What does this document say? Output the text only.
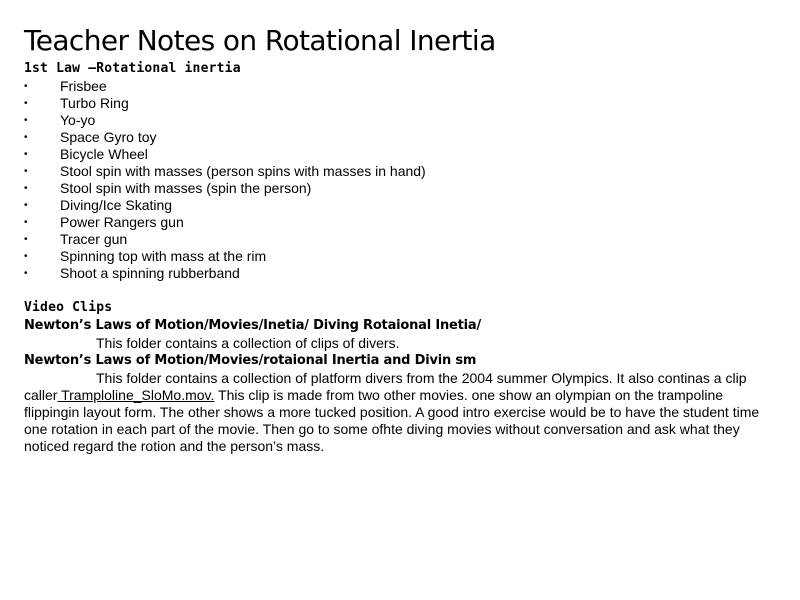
Teacher Notes on Rotational Inertia
1st Law –Rotational inertia
• Frisbee
• Turbo Ring
• Yo-yo
• Space Gyro toy
• Bicycle Wheel
• Stool spin with masses (person spins with masses in hand)
• Stool spin with masses (spin the person)
• Diving/Ice Skating
• Power Rangers gun
• Tracer gun
• Spinning top with mass at the rim
• Shoot a spinning rubberband
Video Clips
Newton’s Laws of Motion/Movies/Inetia/ Diving Rotaional Inetia/

This folder contains a collection of clips of divers.

Newton’s Laws of Motion/Movies/rotaional Inertia and Divin sm

This folder contains a collection of platform divers from the 2004 summer Olympics. It also continas a clip caller Tramploline_SloMo.mov. This clip is made from two other movies. one show an olympian on the trampoline flippingin layout form. The other shows a more tucked position. A good intro exercise would be to have the student time one rotation in each part of the movie. Then go to some ofhte diving movies without conversation and ask what they noticed regard the rotion and the person’s mass.
